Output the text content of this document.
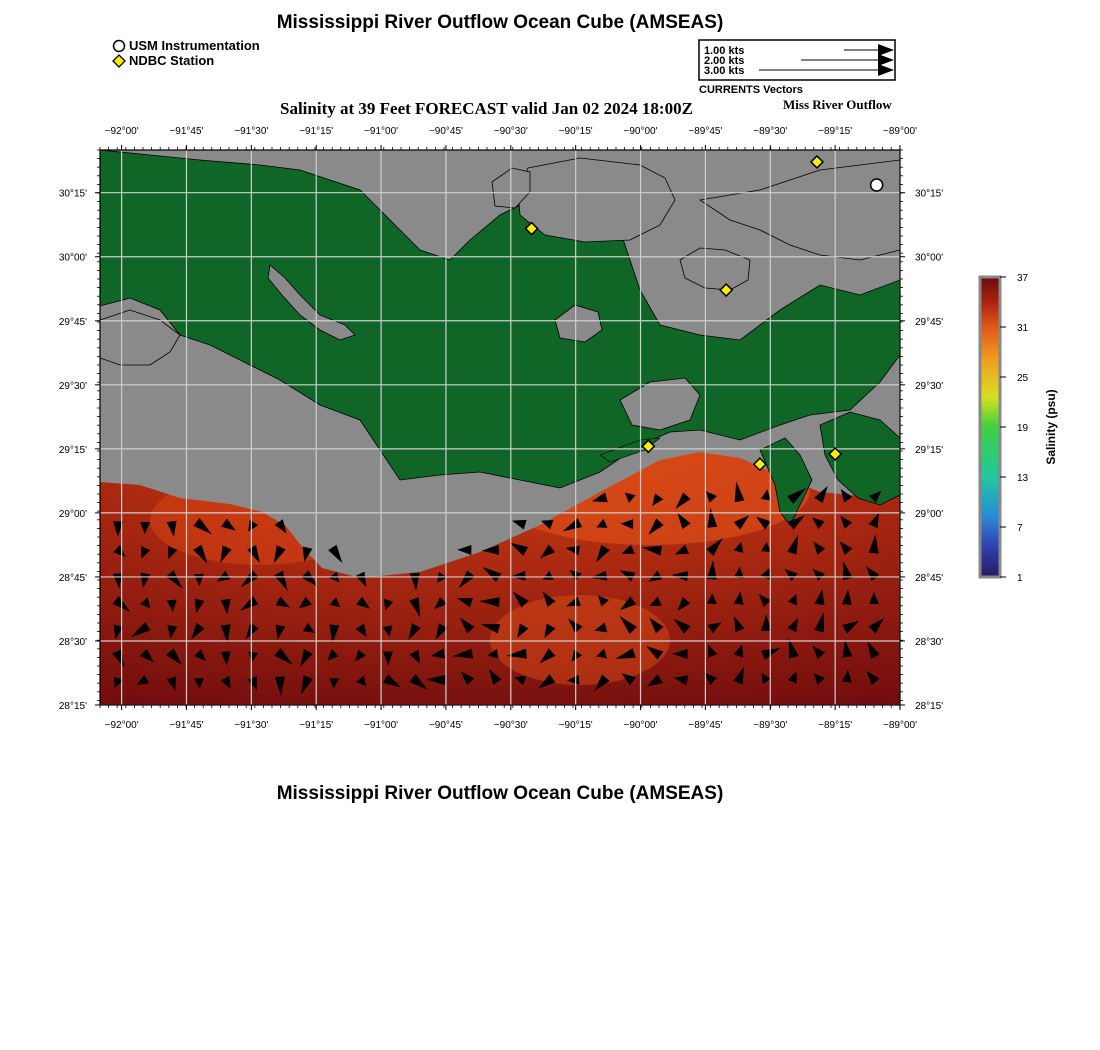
Mississippi River Outflow Ocean Cube (AMSEAS)
USM Instrumentation
NDBC Station
1.00 kts
2.00 kts
3.00 kts
CURRENTS Vectors
Salinity at 39 Feet FORECAST valid Jan 02 2024 18:00Z	Miss River Outflow
−92°00'	−91°45'	−91°30'	−91°15'	−91°00'	−90°45'	−90°30'	−90°15'	−90°00'	−89°45'	−89°30'	−89°15'	−89°00'
−92°00'	−91°45'	−91°30'	−91°15'	−91°00'	−90°45'	−90°30'	−90°15'	−90°00'	−89°45'	−89°30'	−89°15'	−89°00'
30°15'
30°00'
29°45'
29°30'
29°15'
29°00'
28°45'
28°30'
28°15'
30°15'
30°00'
29°45'
29°30'
29°15'
29°00'
28°45'
28°30'
28°15'
37
31
25
19
13
7
1
Salinity (psu)
Mississippi River Outflow Ocean Cube (AMSEAS)
